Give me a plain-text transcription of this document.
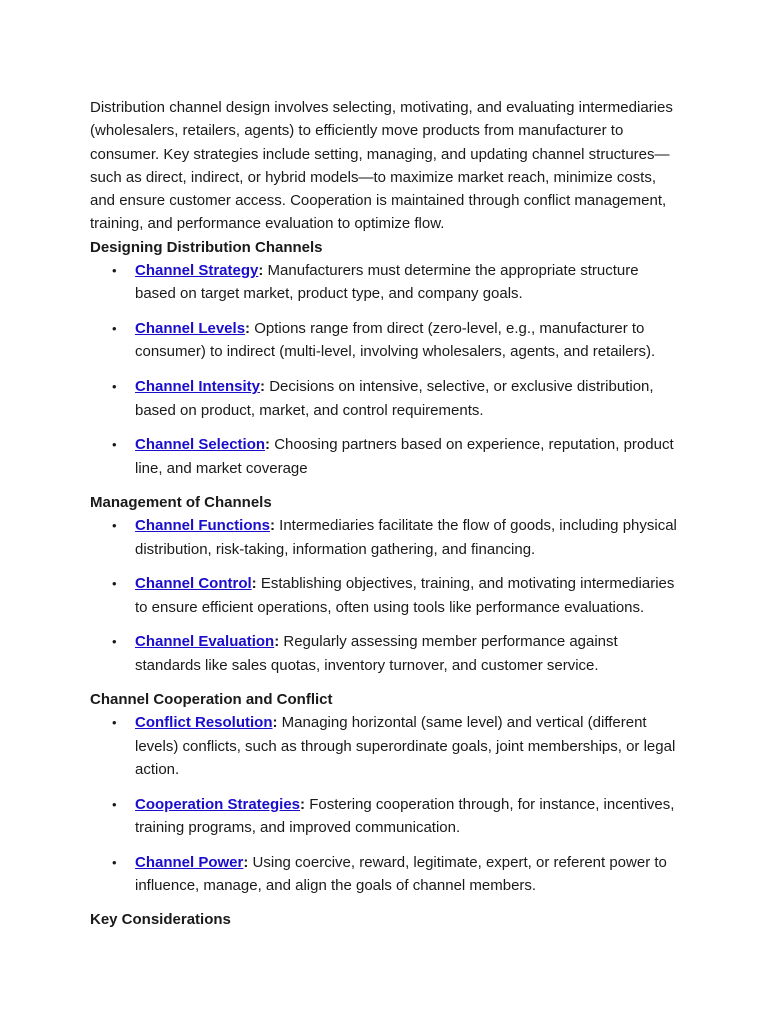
Distribution channel design involves selecting, motivating, and evaluating intermediaries (wholesalers, retailers, agents) to efficiently move products from manufacturer to consumer. Key strategies include setting, managing, and updating channel structures—such as direct, indirect, or hybrid models—to maximize market reach, minimize costs, and ensure customer access. Cooperation is maintained through conflict management, training, and performance evaluation to optimize flow.

Designing Distribution Channels
• Channel Strategy: Manufacturers must determine the appropriate structure based on target market, product type, and company goals.
• Channel Levels: Options range from direct (zero-level, e.g., manufacturer to consumer) to indirect (multi-level, involving wholesalers, agents, and retailers).
• Channel Intensity: Decisions on intensive, selective, or exclusive distribution, based on product, market, and control requirements.
• Channel Selection: Choosing partners based on experience, reputation, product line, and market coverage
Management of Channels
• Channel Functions: Intermediaries facilitate the flow of goods, including physical distribution, risk-taking, information gathering, and financing.
• Channel Control: Establishing objectives, training, and motivating intermediaries to ensure efficient operations, often using tools like performance evaluations.
• Channel Evaluation: Regularly assessing member performance against standards like sales quotas, inventory turnover, and customer service.
Channel Cooperation and Conflict
• Conflict Resolution: Managing horizontal (same level) and vertical (different levels) conflicts, such as through superordinate goals, joint memberships, or legal action.
• Cooperation Strategies: Fostering cooperation through, for instance, incentives, training programs, and improved communication.
• Channel Power: Using coercive, reward, legitimate, expert, or referent power to influence, manage, and align the goals of channel members.
Key Considerations
